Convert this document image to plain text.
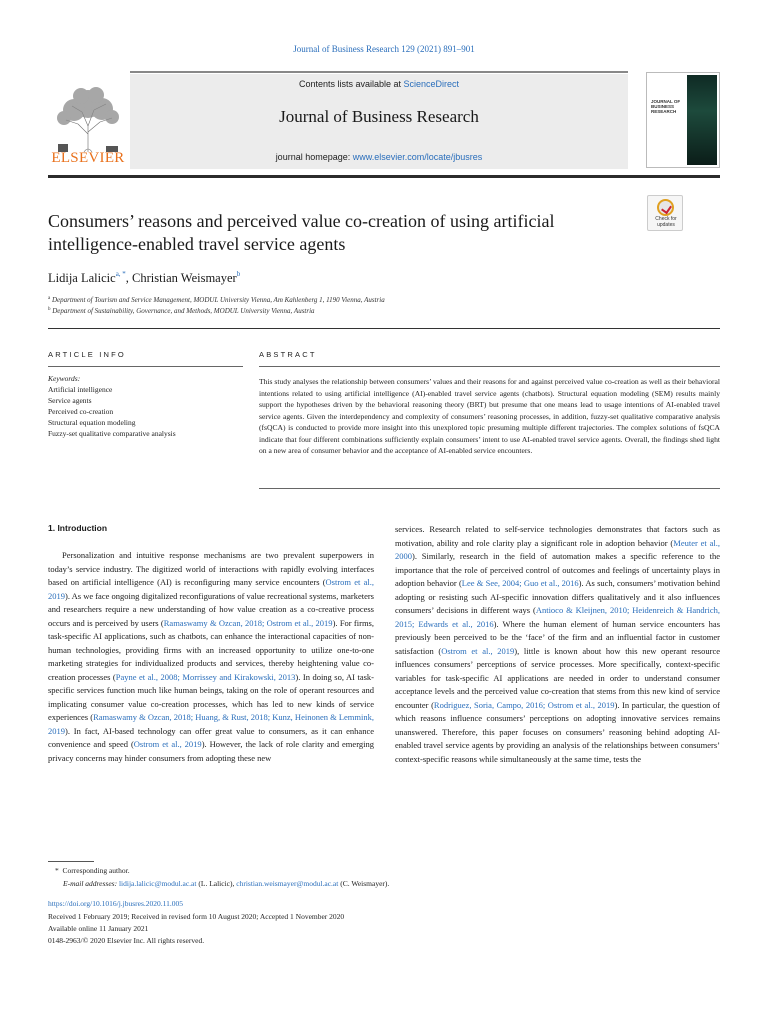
Journal of Business Research 129 (2021) 891–901
ELSEVIER
Contents lists available at ScienceDirect
Journal of Business Research
journal homepage: www.elsevier.com/locate/jbusres
JOURNAL OF BUSINESS RESEARCH
Check for updates
Consumers’ reasons and perceived value co-creation of using artificial intelligence-enabled travel service agents
Lidija Lalicic$^{a, *}$, Christian Weismayer$^b$
$^a$ Department of Tourism and Service Management, MODUL University Vienna, Am Kahlenberg 1, 1190 Vienna, Austria
$^b$ Department of Sustainability, Governance, and Methods, MODUL University Vienna, Austria
ARTICLE INFO	ABSTRACT
Keywords:
Artificial intelligence
Service agents
Perceived co-creation
Structural equation modeling
Fuzzy-set qualitative comparative analysis
This study analyses the relationship between consumers’ values and their reasons for and against perceived value co-creation as well as their behavioral intentions related to using artificial intelligence (AI)-enabled travel service agents (chatbots). Structural equation modeling (SEM) results mainly support the hypotheses driven by the behavioral reasoning theory (BRT) but presume that one means lead to usage intentions of AI-enabled travel service agents. Given the interdependency and complexity of consumers’ reasoning processes, in addition, fuzzy-set qualitative comparative analysis (fsQCA) is conducted to provide more insight into this unexplored topic presuming multiple different trajectories. The complex solutions of fsQCA indicate that four different combinations sufficiently explain consumers’ intent to use AI-enabled travel service agents. Overall, the findings shed light on a new area of consumer behavior and the acceptance of AI-enabled service encounters.
1. Introduction
Personalization and intuitive response mechanisms are two prevalent superpowers in today’s service industry. The digitized world of interactions with rapidly evolving interfaces based on artificial intelligence (AI) is reconfiguring many service encounters (Ostrom et al., 2019). As we face ongoing digitalized reconfigurations of value recreational systems, marketers and researchers require a new understanding of how value creation as a co-creative process occurs and is perceived by users (Ramaswamy & Ozcan, 2018; Ostrom et al., 2019). For firms, task-specific AI applications, such as chatbots, can enhance the interactional capacities of non-human technologies, providing firms with an increased opportunity to utilize one-to-one marketing strategies for individualized products and services, thereby heightening value co-creation processes (Payne et al., 2008; Morrissey and Kirakowski, 2013). In doing so, AI task-specific services function much like human beings, taking on the role of operant resources and implicating consumer value co-creation processes, which has led to new kinds of service experiences (Ramaswamy & Ozcan, 2018; Huang, & Rust, 2018; Kunz, Heinonen & Lemmink, 2019). In fact, AI-based technology can offer great value to consumers, as it can enhance convenience and speed (Ostrom et al., 2019). However, the lack of role clarity and emerging privacy concerns may hinder consumers from adopting these new
services. Research related to self-service technologies demonstrates that factors such as motivation, ability and role clarity play a significant role in adoption behavior (Meuter et al., 2000). Similarly, research in the field of automation makes a specific reference to the importance that the role of perceived control of outcomes and feelings of uncertainty plays in adoption behavior (Lee & See, 2004; Guo et al., 2016). As such, consumers’ motivation behind adopting or resisting such AI-specific innovation differs qualitatively and it also influences consumers’ decisions in different ways (Antioco & Kleijnen, 2010; Heidenreich & Handrich, 2015; Edwards et al., 2016). Where the human element of human service encounters has previously been perceived to be the ‘face’ of the firm and an influential factor in customer satisfaction (Ostrom et al., 2019), little is known about how this new operant resource influences consumers’ perceptions of service processes. More specifically, context-specific variables for task-specific AI applications are needed in order to understand consumer acceptance levels and the perceived value co-creation that stems from this new kind of service encounter (Rodriguez, Soria, Campo, 2016; Ostrom et al., 2019). In particular, the question of which reasons influence consumers’ perceptions on adopting innovative services remains unanswered. Therefore, this paper focuses on consumers’ reasoning behind adopting AI-enabled travel service agents by providing an analysis of the relationships between consumers’ context-specific reasons while simultaneously at the same time, tests the
* Corresponding author.
E-mail addresses: lidija.lalicic@modul.ac.at (L. Lalicic), christian.weismayer@modul.ac.at (C. Weismayer).
https://doi.org/10.1016/j.jbusres.2020.11.005
Received 1 February 2019; Received in revised form 10 August 2020; Accepted 1 November 2020
Available online 11 January 2021
0148-2963/© 2020 Elsevier Inc. All rights reserved.
